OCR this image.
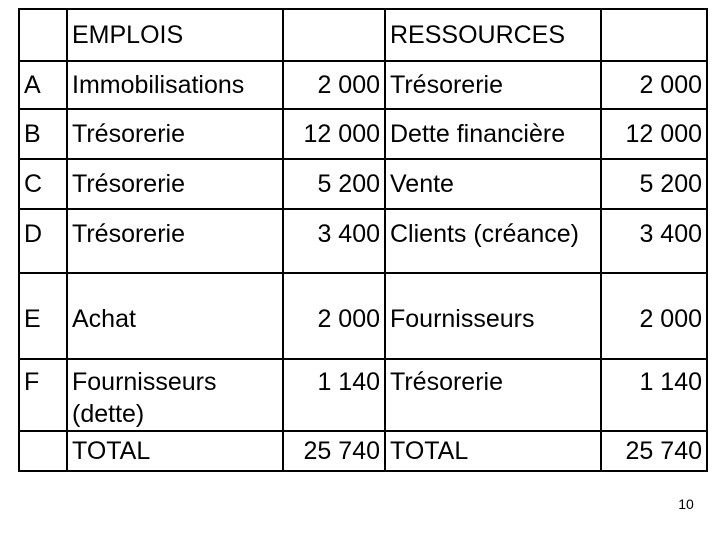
	EMPLOIS		RESSOURCES	
A	Immobilisations	2 000	Trésorerie	2 000
B	Trésorerie	12 000	Dette financière	12 000
C	Trésorerie	5 200	Vente	5 200
D	Trésorerie	3 400	Clients (créance)	3 400
E	Achat	2 000	Fournisseurs	2 000
F	Fournisseurs (dette)	1 140	Trésorerie	1 140
	TOTAL	25 740	TOTAL	25 740
10
